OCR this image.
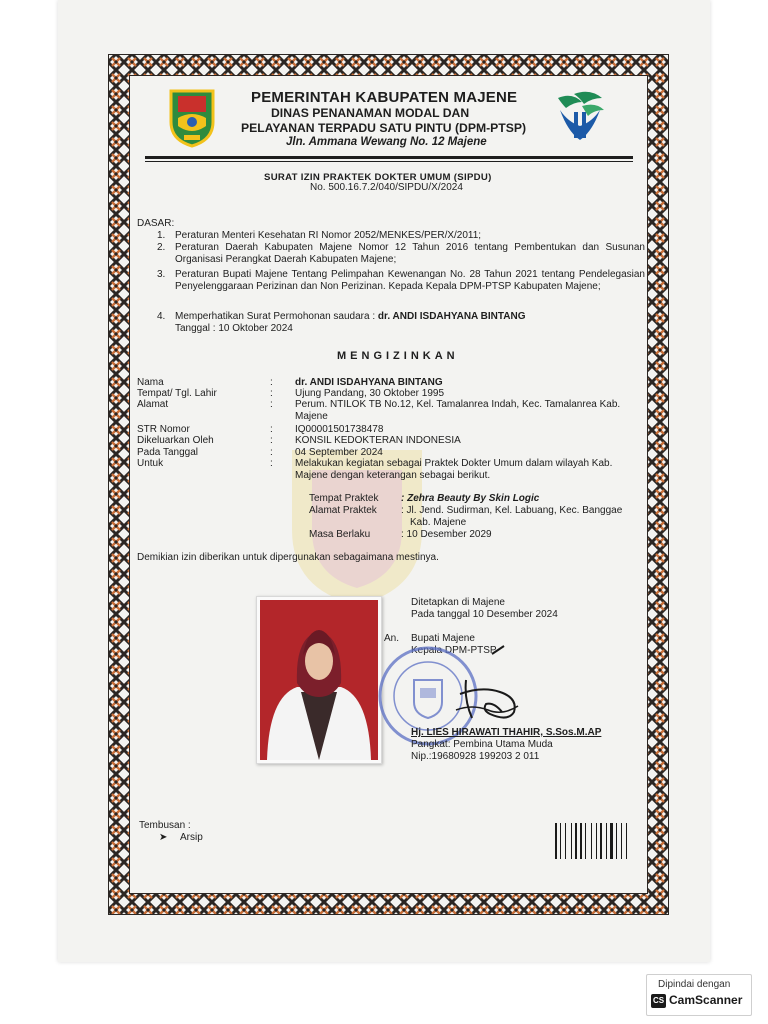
PEMERINTAH KABUPATEN MAJENE
DINAS PENANAMAN MODAL DAN
PELAYANAN TERPADU SATU PINTU (DPM-PTSP)
Jln. Ammana Wewang No. 12 Majene
SURAT IZIN PRAKTEK DOKTER UMUM (SIPDU)
No. 500.16.7.2/040/SIPDU/X/2024
DASAR:
1. Peraturan Menteri Kesehatan RI Nomor 2052/MENKES/PER/X/2011;
2. Peraturan Daerah Kabupaten Majene Nomor 12 Tahun 2016 tentang Pembentukan dan Susunan Organisasi Perangkat Daerah Kabupaten Majene;
3. Peraturan Bupati Majene Tentang Pelimpahan Kewenangan No. 28 Tahun 2021 tentang Pendelegasian Penyelenggaraan Perizinan dan Non Perizinan. Kepada Kepala DPM-PTSP Kabupaten Majene;
4. Memperhatikan Surat Permohonan saudara : dr. ANDI ISDAHYANA BINTANG
Tanggal : 10 Oktober 2024
MENGIZINKAN
Nama	: dr. ANDI ISDAHYANA BINTANG
Tempat/ Tgl. Lahir	: Ujung Pandang, 30 Oktober 1995
Alamat	: Perum. NTILOK TB No.12, Kel. Tamalanrea Indah, Kec. Tamalanrea Kab. Majene
STR Nomor	: IQ00001501738478
Dikeluarkan Oleh	: KONSIL KEDOKTERAN INDONESIA
Pada Tanggal	: 04 September 2024
Untuk	: Melakukan kegiatan sebagai Praktek Dokter Umum dalam wilayah Kab. Majene dengan keterangan sebagai berikut.
Tempat Praktek : Zehra Beauty By Skin Logic
Alamat Praktek : Jl. Jend. Sudirman, Kel. Labuang, Kec. Banggae
Kab. Majene
Masa Berlaku	: 10 Desember 2029
Demikian izin diberikan untuk dipergunakan sebagaimana mestinya.
Ditetapkan di Majene
Pada tanggal 10 Desember 2024
An. Bupati Majene
Kepala DPM-PTSP
Hj. LIES HIRAWATI THAHIR, S.Sos.M.AP
Pangkat: Pembina Utama Muda
Nip.:19680928 199203 2 011
Tembusan :
➤ Arsip
Dipindai dengan
CS CamScanner
